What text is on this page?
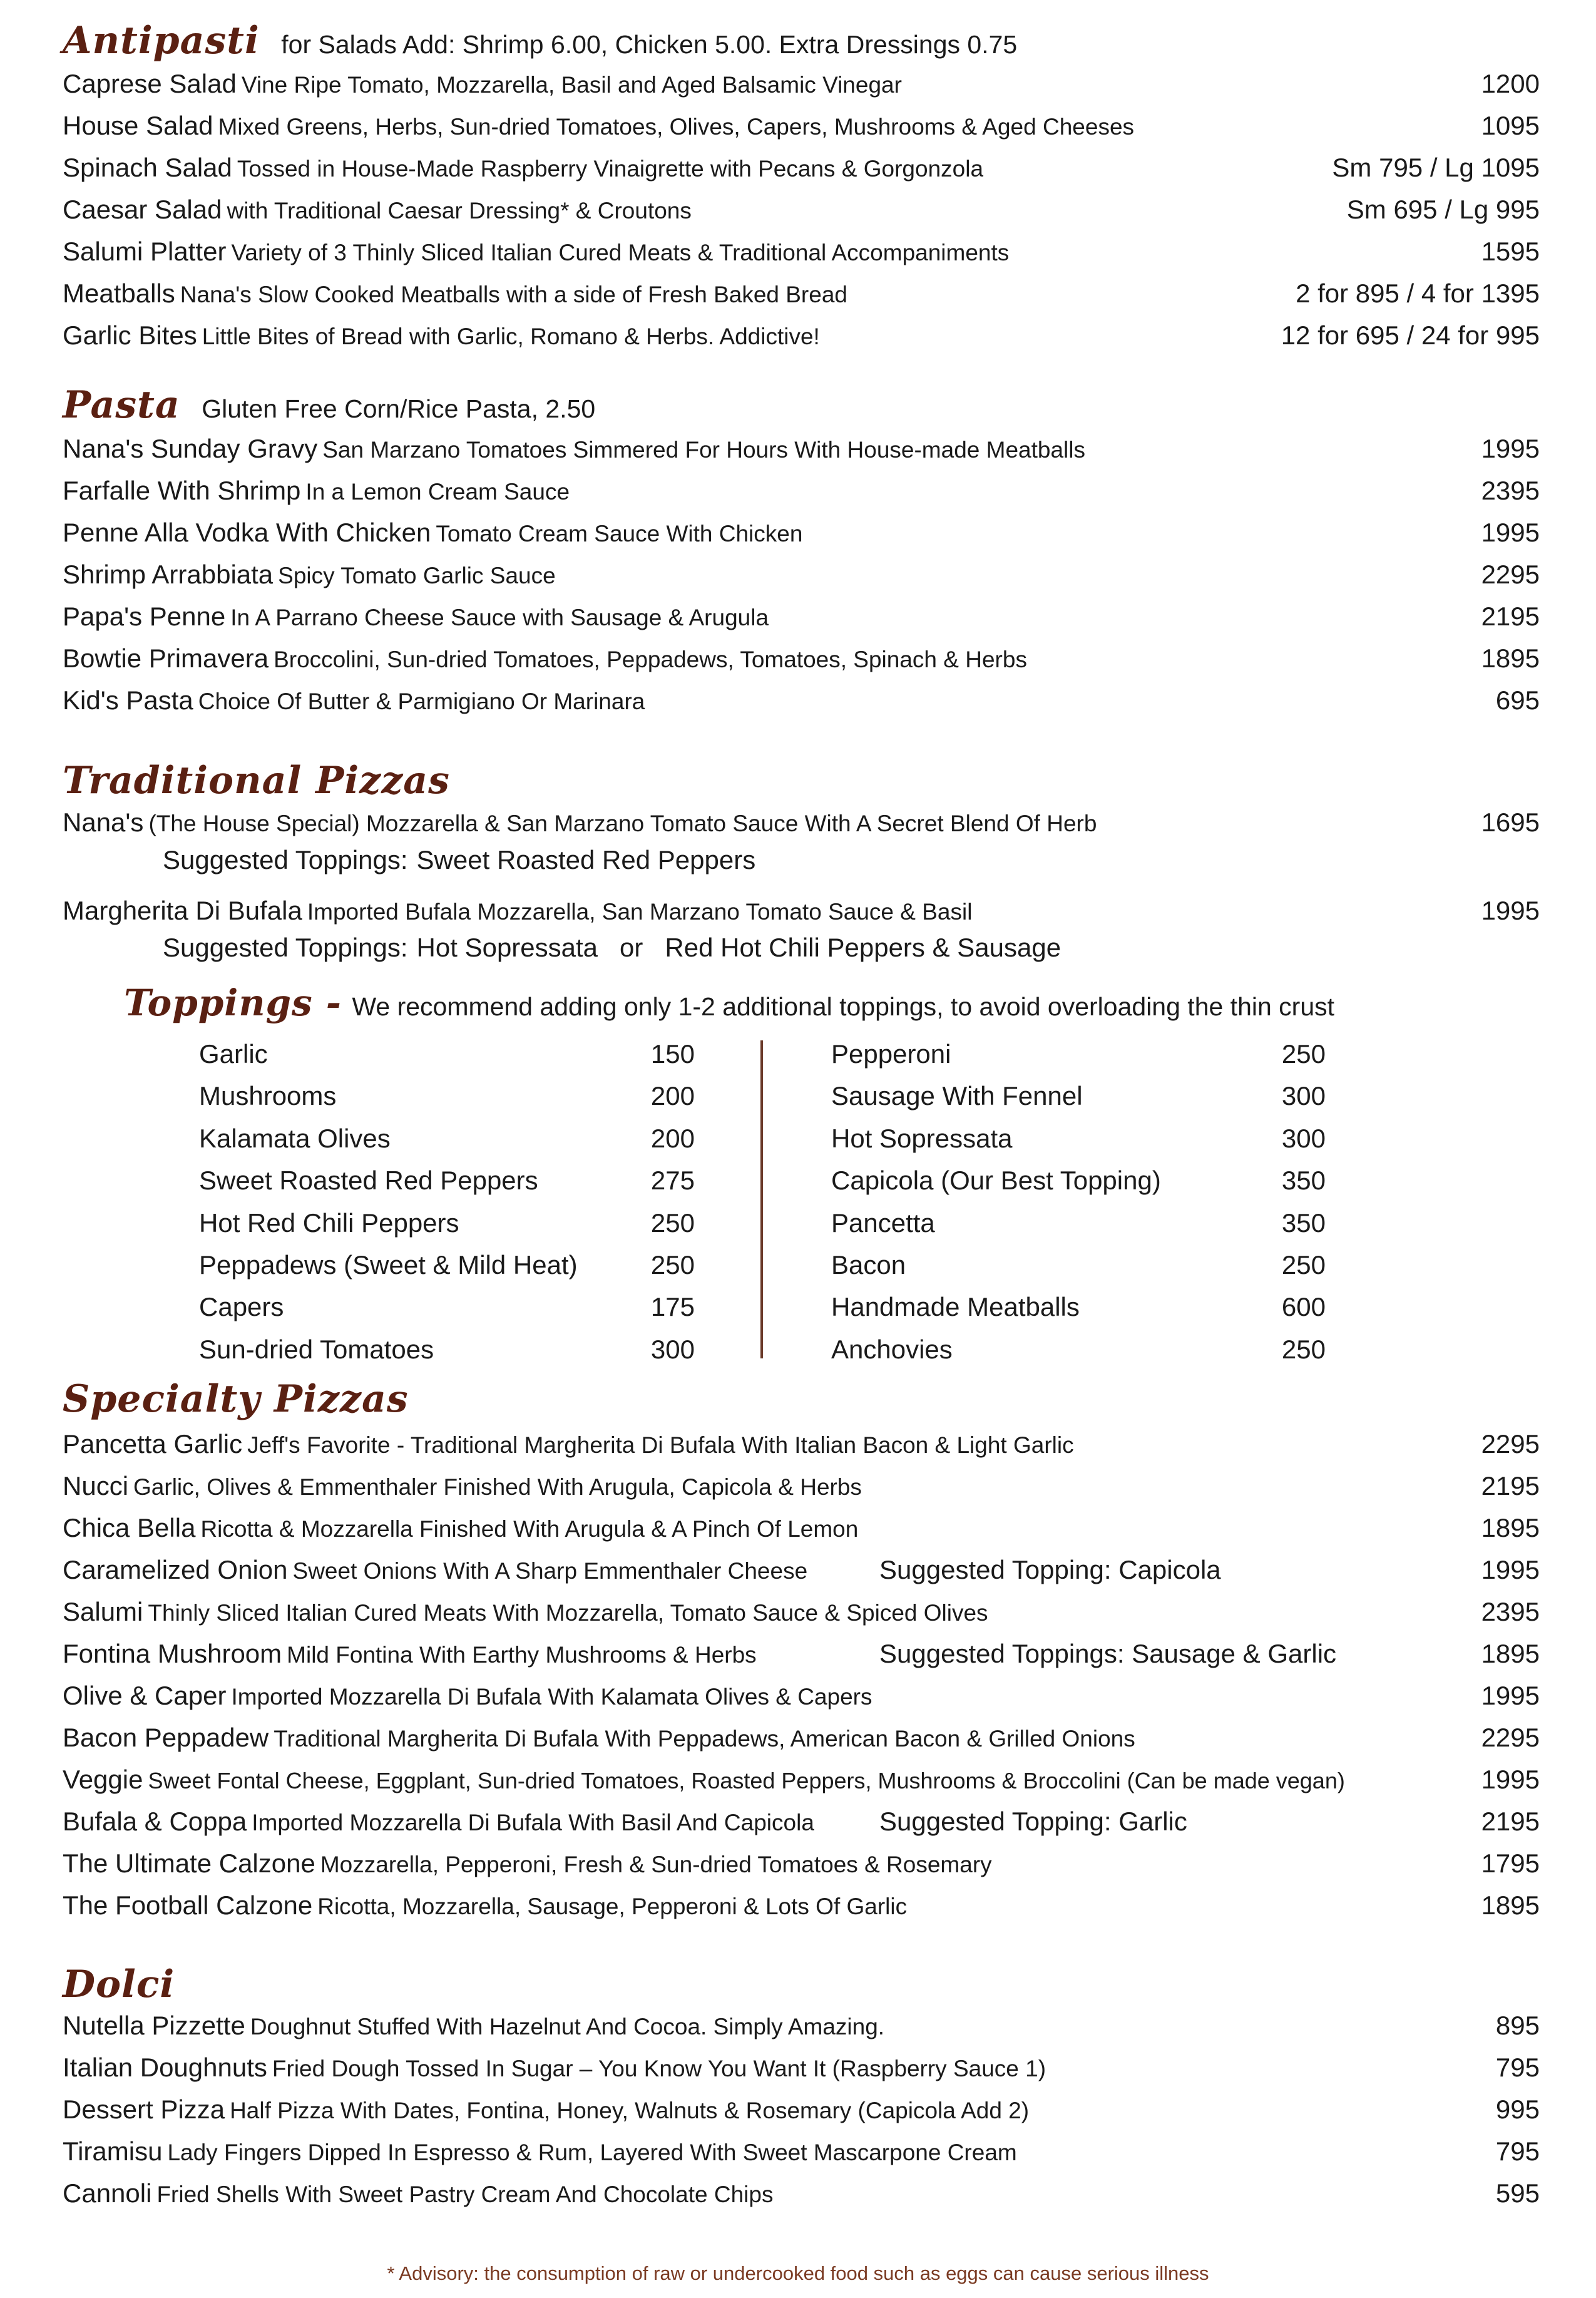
Antipasti for Salads Add: Shrimp 6.00, Chicken 5.00. Extra Dressings 0.75
Caprese Salad Vine Ripe Tomato, Mozzarella, Basil and Aged Balsamic Vinegar	1200
House Salad Mixed Greens, Herbs, Sun-dried Tomatoes, Olives, Capers, Mushrooms & Aged Cheeses	1095
Spinach Salad Tossed in House-Made Raspberry Vinaigrette with Pecans & Gorgonzola	Sm 795 / Lg 1095
Caesar Salad with Traditional Caesar Dressing* & Croutons	Sm 695 / Lg 995
Salumi Platter Variety of 3 Thinly Sliced Italian Cured Meats & Traditional Accompaniments	1595
Meatballs Nana's Slow Cooked Meatballs with a side of Fresh Baked Bread	2 for 895 / 4 for 1395
Garlic Bites Little Bites of Bread with Garlic, Romano & Herbs. Addictive!	12 for 695 / 24 for 995
Pasta Gluten Free Corn/Rice Pasta, 2.50
Nana's Sunday Gravy San Marzano Tomatoes Simmered For Hours With House-made Meatballs	1995
Farfalle With Shrimp In a Lemon Cream Sauce	2395
Penne Alla Vodka With Chicken Tomato Cream Sauce With Chicken	1995
Shrimp Arrabbiata Spicy Tomato Garlic Sauce	2295
Papa's Penne In A Parrano Cheese Sauce with Sausage & Arugula	2195
Bowtie Primavera Broccolini, Sun-dried Tomatoes, Peppadews, Tomatoes, Spinach & Herbs	1895
Kid's Pasta Choice Of Butter & Parmigiano Or Marinara	695
Traditional Pizzas
Nana's (The House Special) Mozzarella & San Marzano Tomato Sauce With A Secret Blend Of Herb	1695
Suggested Toppings: Sweet Roasted Red Peppers
Margherita Di Bufala Imported Bufala Mozzarella, San Marzano Tomato Sauce & Basil	1995
Suggested Toppings: Hot Sopressata   or   Red Hot Chili Peppers & Sausage
Toppings - We recommend adding only 1-2 additional toppings, to avoid overloading the thin crust
Garlic	150
Mushrooms	200
Kalamata Olives	200
Sweet Roasted Red Peppers	275
Hot Red Chili Peppers	250
Peppadews (Sweet & Mild Heat)	250
Capers	175
Sun-dried Tomatoes	300
Pepperoni	250
Sausage With Fennel	300
Hot Sopressata	300
Capicola (Our Best Topping)	350
Pancetta	350
Bacon	250
Handmade Meatballs	600
Anchovies	250
Specialty Pizzas
Pancetta Garlic Jeff's Favorite - Traditional Margherita Di Bufala With Italian Bacon & Light Garlic	2295
Nucci Garlic, Olives & Emmenthaler Finished With Arugula, Capicola & Herbs	2195
Chica Bella Ricotta & Mozzarella Finished With Arugula & A Pinch Of Lemon	1895
Caramelized Onion Sweet Onions With A Sharp Emmenthaler Cheese	Suggested Topping: Capicola	1995
Salumi Thinly Sliced Italian Cured Meats With Mozzarella, Tomato Sauce & Spiced Olives	2395
Fontina Mushroom Mild Fontina With Earthy Mushrooms & Herbs	Suggested Toppings: Sausage & Garlic	1895
Olive & Caper Imported Mozzarella Di Bufala With Kalamata Olives & Capers	1995
Bacon Peppadew Traditional Margherita Di Bufala With Peppadews, American Bacon & Grilled Onions	2295
Veggie Sweet Fontal Cheese, Eggplant, Sun-dried Tomatoes, Roasted Peppers, Mushrooms & Broccolini (Can be made vegan)	1995
Bufala & Coppa Imported Mozzarella Di Bufala With Basil And Capicola Suggested Topping: Garlic	2195
The Ultimate Calzone Mozzarella, Pepperoni, Fresh & Sun-dried Tomatoes & Rosemary	1795
The Football Calzone Ricotta, Mozzarella, Sausage, Pepperoni & Lots Of Garlic	1895
Dolci
Nutella Pizzette Doughnut Stuffed With Hazelnut And Cocoa. Simply Amazing.	895
Italian Doughnuts Fried Dough Tossed In Sugar – You Know You Want It (Raspberry Sauce 1)	795
Dessert Pizza Half Pizza With Dates, Fontina, Honey, Walnuts & Rosemary (Capicola Add 2)	995
Tiramisu Lady Fingers Dipped In Espresso & Rum, Layered With Sweet Mascarpone Cream	795
Cannoli Fried Shells With Sweet Pastry Cream And Chocolate Chips	595
* Advisory: the consumption of raw or undercooked food such as eggs can cause serious illness
